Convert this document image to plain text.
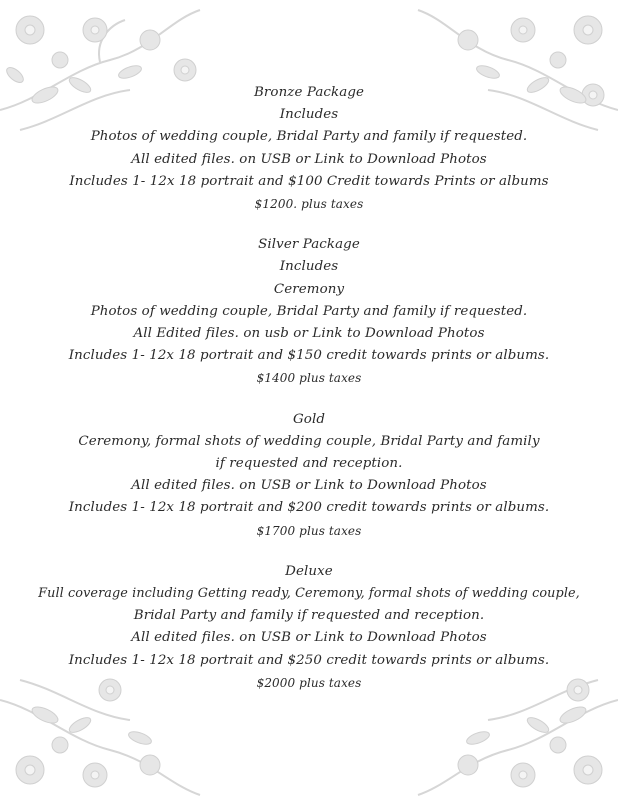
Bronze Package
Includes
Photos of wedding couple, Bridal Party and family if requested.
All edited files. on USB or Link to Download Photos
Includes 1- 12x 18 portrait and $100 Credit towards Prints or albums
$1200. plus taxes
Silver Package
Includes
Ceremony
Photos of wedding couple, Bridal Party and family if requested.
All Edited files. on usb or Link to Download Photos
Includes 1- 12x 18 portrait and $150 credit towards prints or albums.
$1400 plus taxes
Gold
Ceremony, formal shots of wedding couple, Bridal Party and family
if requested and reception.
All edited files. on USB or Link to Download Photos
Includes 1- 12x 18 portrait and $200 credit towards prints or albums.
$1700 plus taxes
Deluxe
Full coverage including Getting ready, Ceremony, formal shots of wedding couple,
Bridal Party and family if requested and reception.
All edited files. on USB or Link to Download Photos
Includes 1- 12x 18 portrait and $250 credit towards prints or albums.
$2000 plus taxes
